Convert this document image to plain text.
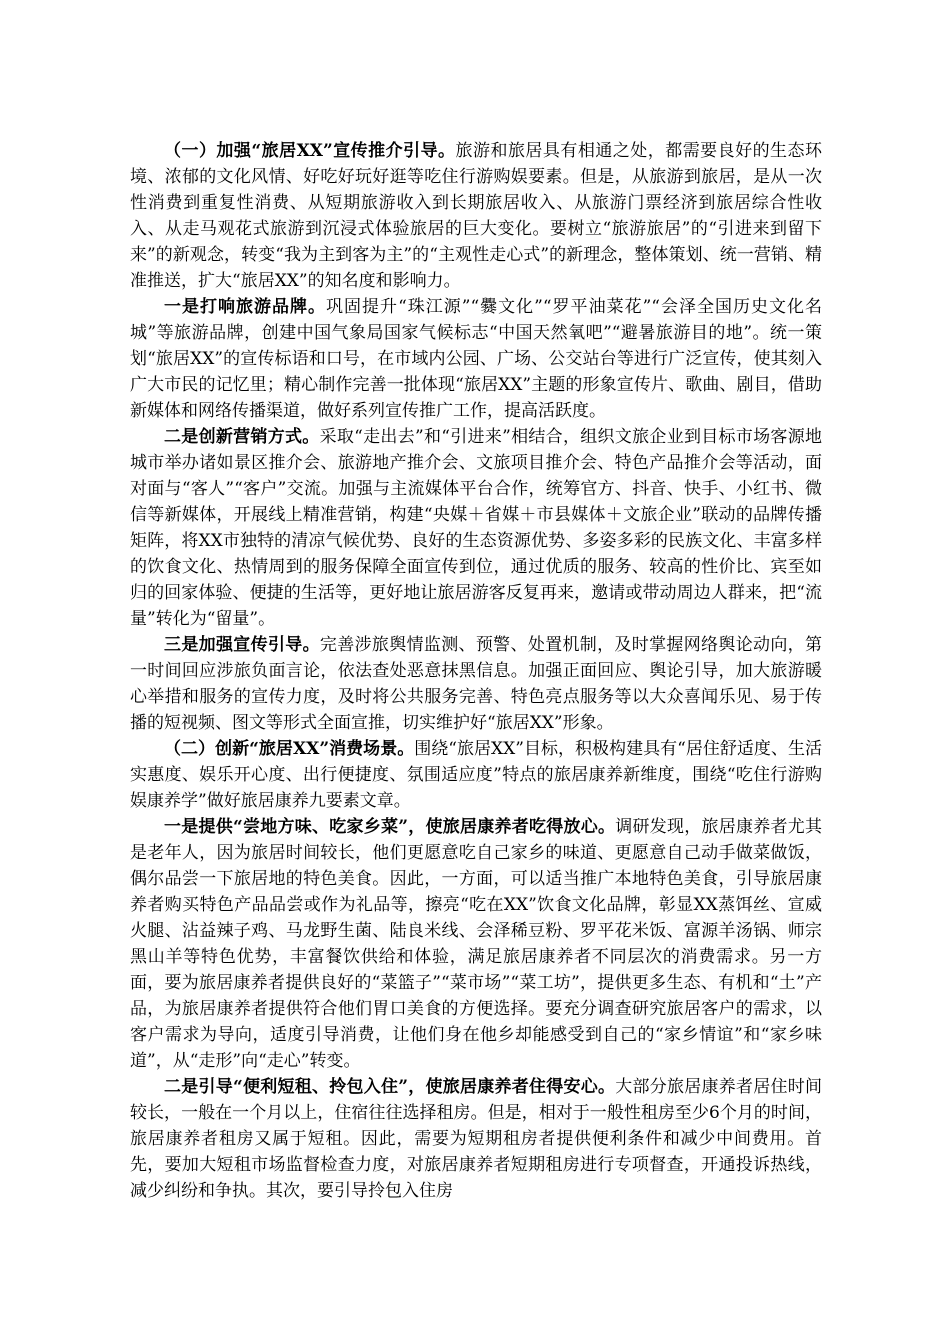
（一）加强“旅居XX”宣传推介引导。旅游和旅居具有相通之处，都需要良好的生态环境、浓郁的文化风情、好吃好玩好逛等吃住行游购娱要素。但是，从旅游到旅居，是从一次性消费到重复性消费、从短期旅游收入到长期旅居收入、从旅游门票经济到旅居综合性收入、从走马观花式旅游到沉浸式体验旅居的巨大变化。要树立“旅游旅居”的“引进来到留下来”的新观念，转变“我为主到客为主”的“主观性走心式”的新理念，整体策划、统一营销、精准推送，扩大“旅居XX”的知名度和影响力。

一是打响旅游品牌。巩固提升“珠江源”“爨文化”“罗平油菜花”“会泽全国历史文化名城”等旅游品牌，创建中国气象局国家气候标志“中国天然氧吧”“避暑旅游目的地”。统一策划“旅居XX”的宣传标语和口号，在市域内公园、广场、公交站台等进行广泛宣传，使其刻入广大市民的记忆里；精心制作完善一批体现“旅居XX”主题的形象宣传片、歌曲、剧目，借助新媒体和网络传播渠道，做好系列宣传推广工作，提高活跃度。

二是创新营销方式。采取“走出去”和“引进来”相结合，组织文旅企业到目标市场客源地城市举办诸如景区推介会、旅游地产推介会、文旅项目推介会、特色产品推介会等活动，面对面与“客人”“客户”交流。加强与主流媒体平台合作，统筹官方、抖音、快手、小红书、微信等新媒体，开展线上精准营销，构建“央媒＋省媒＋市县媒体＋文旅企业”联动的品牌传播矩阵，将XX市独特的清凉气候优势、良好的生态资源优势、多姿多彩的民族文化、丰富多样的饮食文化、热情周到的服务保障全面宣传到位，通过优质的服务、较高的性价比、宾至如归的回家体验、便捷的生活等，更好地让旅居游客反复再来，邀请或带动周边人群来，把“流量”转化为“留量”。

三是加强宣传引导。完善涉旅舆情监测、预警、处置机制，及时掌握网络舆论动向，第一时间回应涉旅负面言论，依法查处恶意抹黑信息。加强正面回应、舆论引导，加大旅游暖心举措和服务的宣传力度，及时将公共服务完善、特色亮点服务等以大众喜闻乐见、易于传播的短视频、图文等形式全面宣推，切实维护好“旅居XX”形象。

（二）创新“旅居XX”消费场景。围绕“旅居XX”目标，积极构建具有“居住舒适度、生活实惠度、娱乐开心度、出行便捷度、氛围适应度”特点的旅居康养新维度，围绕“吃住行游购娱康养学”做好旅居康养九要素文章。

一是提供“尝地方味、吃家乡菜”，使旅居康养者吃得放心。调研发现，旅居康养者尤其是老年人，因为旅居时间较长，他们更愿意吃自己家乡的味道、更愿意自己动手做菜做饭，偶尔品尝一下旅居地的特色美食。因此，一方面，可以适当推广本地特色美食，引导旅居康养者购买特色产品品尝或作为礼品等，擦亮“吃在XX”饮食文化品牌，彰显XX蒸饵丝、宣威火腿、沾益辣子鸡、马龙野生菌、陆良米线、会泽稀豆粉、罗平花米饭、富源羊汤锅、师宗黑山羊等特色优势，丰富餐饮供给和体验，满足旅居康养者不同层次的消费需求。另一方面，要为旅居康养者提供良好的“菜篮子”“菜市场”“菜工坊”，提供更多生态、有机和“土”产品，为旅居康养者提供符合他们胃口美食的方便选择。要充分调查研究旅居客户的需求，以客户需求为导向，适度引导消费，让他们身在他乡却能感受到自己的“家乡情谊”和“家乡味道”，从“走形”向“走心”转变。

二是引导“便利短租、拎包入住”，使旅居康养者住得安心。大部分旅居康养者居住时间较长，一般在一个月以上，住宿往往选择租房。但是，相对于一般性租房至少6个月的时间，旅居康养者租房又属于短租。因此，需要为短期租房者提供便利条件和减少中间费用。首先，要加大短租市场监督检查力度，对旅居康养者短期租房进行专项督查，开通投诉热线，减少纠纷和争执。其次，要引导拎包入住房
